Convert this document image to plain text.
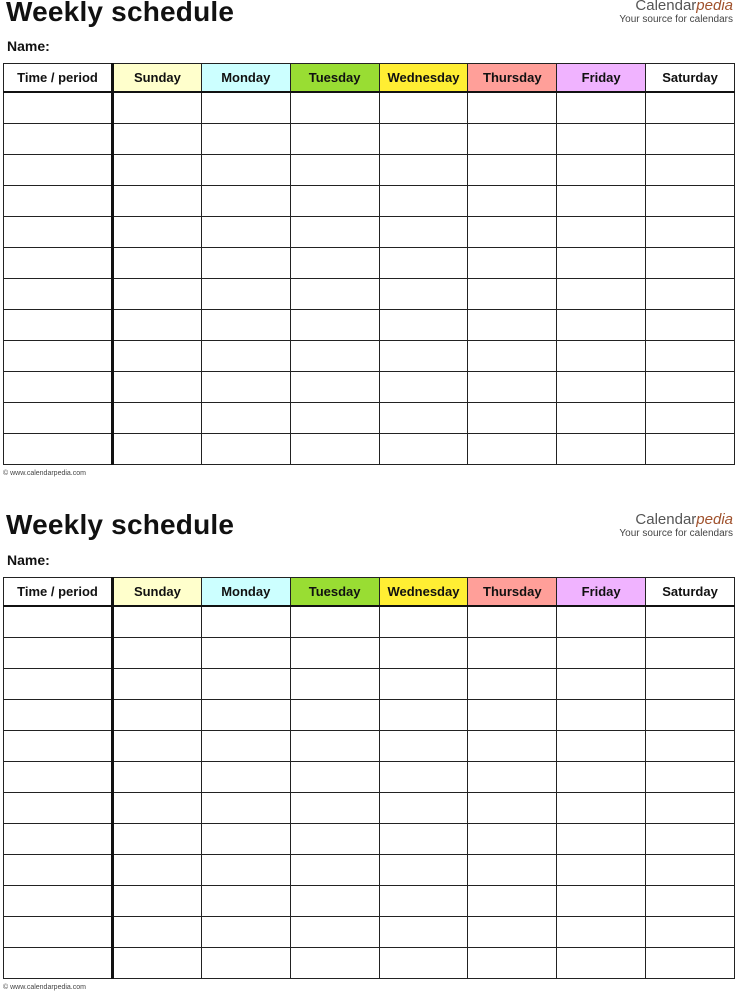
Weekly schedule	Calendarpedia
Your source for calendars
Name:
Time / period	Sunday	Monday	Tuesday	Wednesday	Thursday	Friday	Saturday

© www.calendarpedia.com
Weekly schedule	Calendarpedia
Your source for calendars
Name:
Time / period	Sunday	Monday	Tuesday	Wednesday	Thursday	Friday	Saturday

© www.calendarpedia.com
